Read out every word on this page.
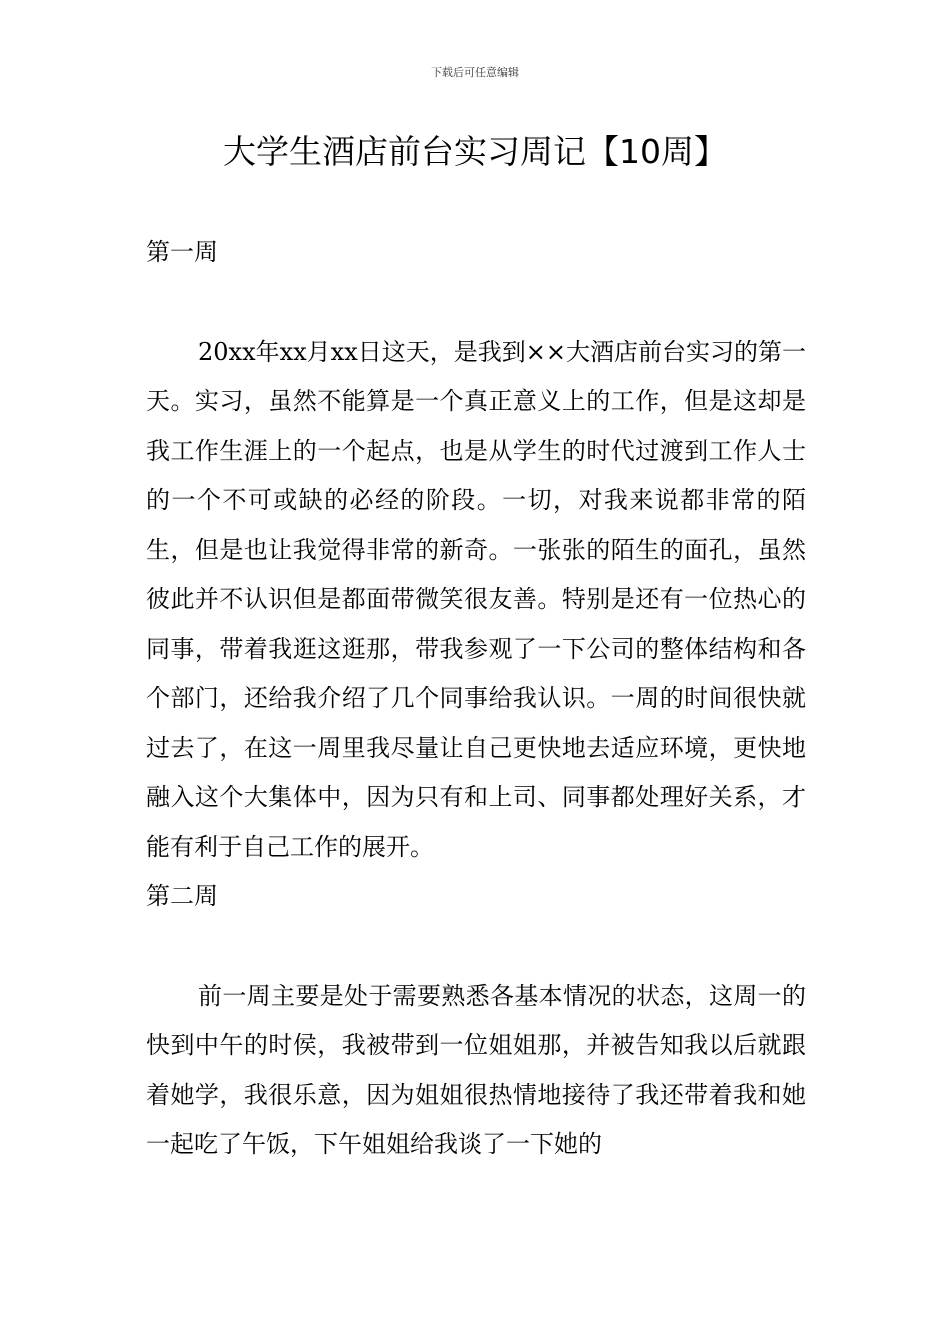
下载后可任意编辑
大学生酒店前台实习周记【10周】
第一周

20xx年xx月xx日这天，是我到××大酒店前台实习的第一天。实习，虽然不能算是一个真正意义上的工作，但是这却是我工作生涯上的一个起点，也是从学生的时代过渡到工作人士的一个不可或缺的必经的阶段。一切，对我来说都非常的陌生，但是也让我觉得非常的新奇。一张张的陌生的面孔，虽然彼此并不认识但是都面带微笑很友善。特别是还有一位热心的同事，带着我逛这逛那，带我参观了一下公司的整体结构和各个部门，还给我介绍了几个同事给我认识。一周的时间很快就过去了，在这一周里我尽量让自己更快地去适应环境，更快地融入这个大集体中，因为只有和上司、同事都处理好关系，才能有利于自己工作的展开。

第二周

前一周主要是处于需要熟悉各基本情况的状态，这周一的快到中午的时侯，我被带到一位姐姐那，并被告知我以后就跟着她学，我很乐意，因为姐姐很热情地接待了我还带着我和她一起吃了午饭，下午姐姐给我谈了一下她的
